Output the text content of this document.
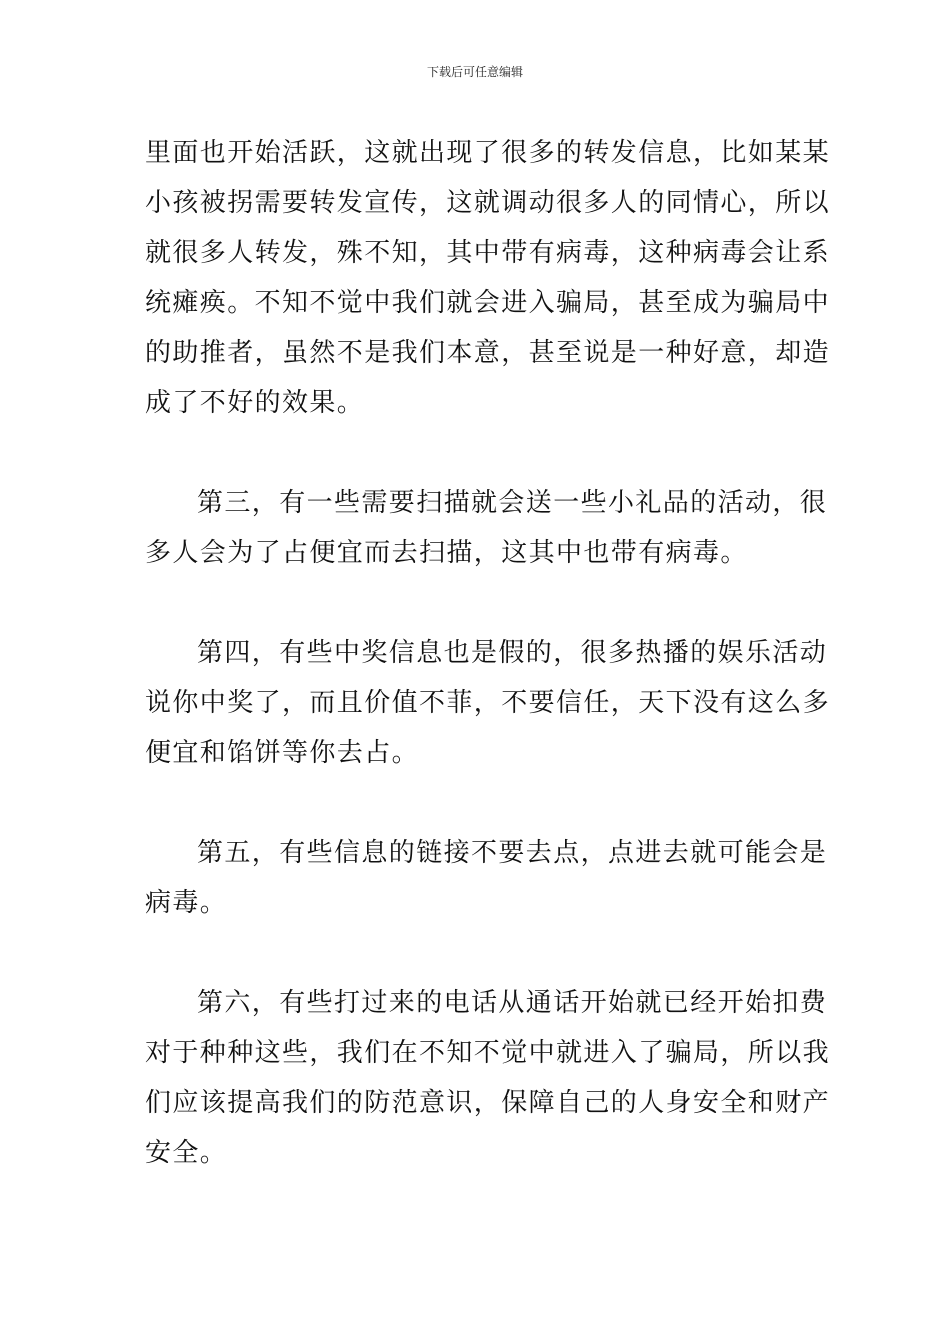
下载后可任意编辑

里面也开始活跃，这就出现了很多的转发信息，比如某某
小孩被拐需要转发宣传，这就调动很多人的同情心，所以
就很多人转发，殊不知，其中带有病毒，这种病毒会让系
统瘫痪。不知不觉中我们就会进入骗局，甚至成为骗局中
的助推者，虽然不是我们本意，甚至说是一种好意，却造
成了不好的效果。

第三，有一些需要扫描就会送一些小礼品的活动，很
多人会为了占便宜而去扫描，这其中也带有病毒。

第四，有些中奖信息也是假的，很多热播的娱乐活动
说你中奖了，而且价值不菲，不要信任，天下没有这么多
便宜和馅饼等你去占。

第五，有些信息的链接不要去点，点进去就可能会是
病毒。

第六，有些打过来的电话从通话开始就已经开始扣费
对于种种这些，我们在不知不觉中就进入了骗局，所以我
们应该提高我们的防范意识，保障自己的人身安全和财产
安全。
